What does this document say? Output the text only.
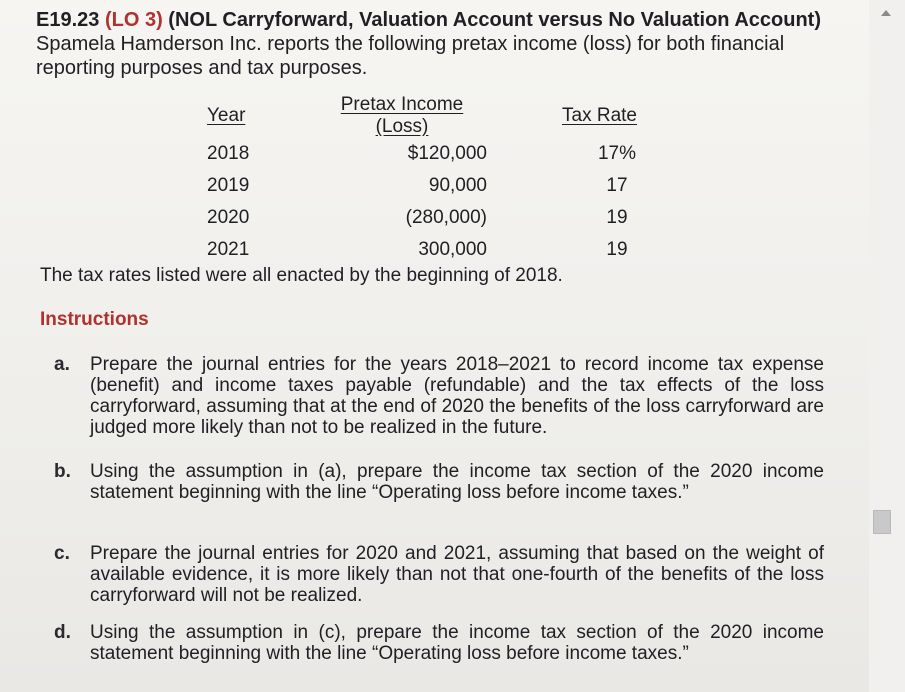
E19.23 (LO 3) (NOL Carryforward, Valuation Account versus No Valuation Account) Spamela Hamderson Inc. reports the following pretax income (loss) for both financial reporting purposes and tax purposes.

Year	Pretax Income (Loss)	Tax Rate
2018	$120,000	17%
2019	90,000	17
2020	(280,000)	19
2021	300,000	19

The tax rates listed were all enacted by the beginning of 2018.

Instructions

a.	Prepare the journal entries for the years 2018–2021 to record income tax expense (benefit) and income taxes payable (refundable) and the tax effects of the loss carryforward, assuming that at the end of 2020 the benefits of the loss carryforward are judged more likely than not to be realized in the future.
b.	Using the assumption in (a), prepare the income tax section of the 2020 income statement beginning with the line “Operating loss before income taxes.”
c.	Prepare the journal entries for 2020 and 2021, assuming that based on the weight of available evidence, it is more likely than not that one-fourth of the benefits of the loss carryforward will not be realized.
d.	Using the assumption in (c), prepare the income tax section of the 2020 income statement beginning with the line “Operating loss before income taxes.”
